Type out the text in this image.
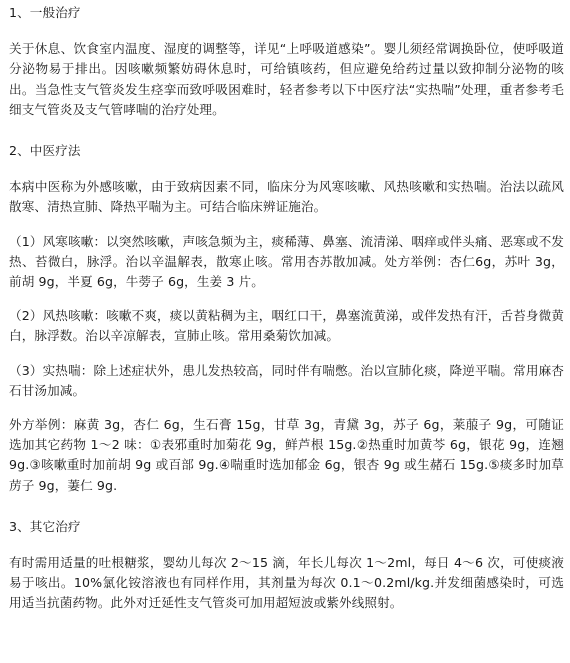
1、一般治疗

关于休息、饮食室内温度、湿度的调整等，详见“上呼吸道感染”。婴儿须经常调换卧位，使呼吸道分泌物易于排出。因咳嗽频繁妨碍休息时，可给镇咳药，但应避免给药过量以致抑制分泌物的咳出。当急性支气管炎发生痉挛而致呼吸困难时，轻者参考以下中医疗法“实热喘”处理，重者参考毛细支气管炎及支气管哮喘的治疗处理。

2、中医疗法

本病中医称为外感咳嗽，由于致病因素不同，临床分为风寒咳嗽、风热咳嗽和实热喘。治法以疏风散寒、清热宣肺、降热平喘为主。可结合临床辨证施治。

（1）风寒咳嗽：以突然咳嗽，声咳急频为主，痰稀薄、鼻塞、流清涕、咽痒或伴头痛、恶寒或不发热、苔微白，脉浮。治以辛温解表，散寒止咳。常用杏苏散加减。处方举例：杏仁6g，苏叶 3g，前胡 9g，半夏 6g，牛蒡子 6g，生姜 3 片。

（2）风热咳嗽：咳嗽不爽，痰以黄粘稠为主，咽红口干，鼻塞流黄涕，或伴发热有汗，舌苔身微黄白，脉浮数。治以辛凉解表，宣肺止咳。常用桑菊饮加减。

（3）实热喘：除上述症状外，患儿发热较高，同时伴有喘憋。治以宣肺化痰，降逆平喘。常用麻杏石甘汤加减。

外方举例：麻黄 3g，杏仁 6g，生石膏 15g，甘草 3g，青黛 3g，苏子 6g，莱菔子 9g，可随证选加其它药物 1～2 味：①表邪重时加菊花 9g，鲜芦根 15g.②热重时加黄芩 6g，银花 9g，连翘 9g.③咳嗽重时加前胡 9g 或百部 9g.④喘重时选加郁金 6g，银杏 9g 或生赭石 15g.⑤痰多时加草苈子 9g，萋仁 9g.

3、其它治疗

有时需用适量的吐根糖浆，婴幼儿每次 2～15 滴，年长儿每次 1～2ml，每日 4～6 次，可使痰液易于咳出。10%氯化铵溶液也有同样作用，其剂量为每次 0.1～0.2ml/kg.并发细菌感染时，可选用适当抗菌药物。此外对迁延性支气管炎可加用超短波或紫外线照射。
